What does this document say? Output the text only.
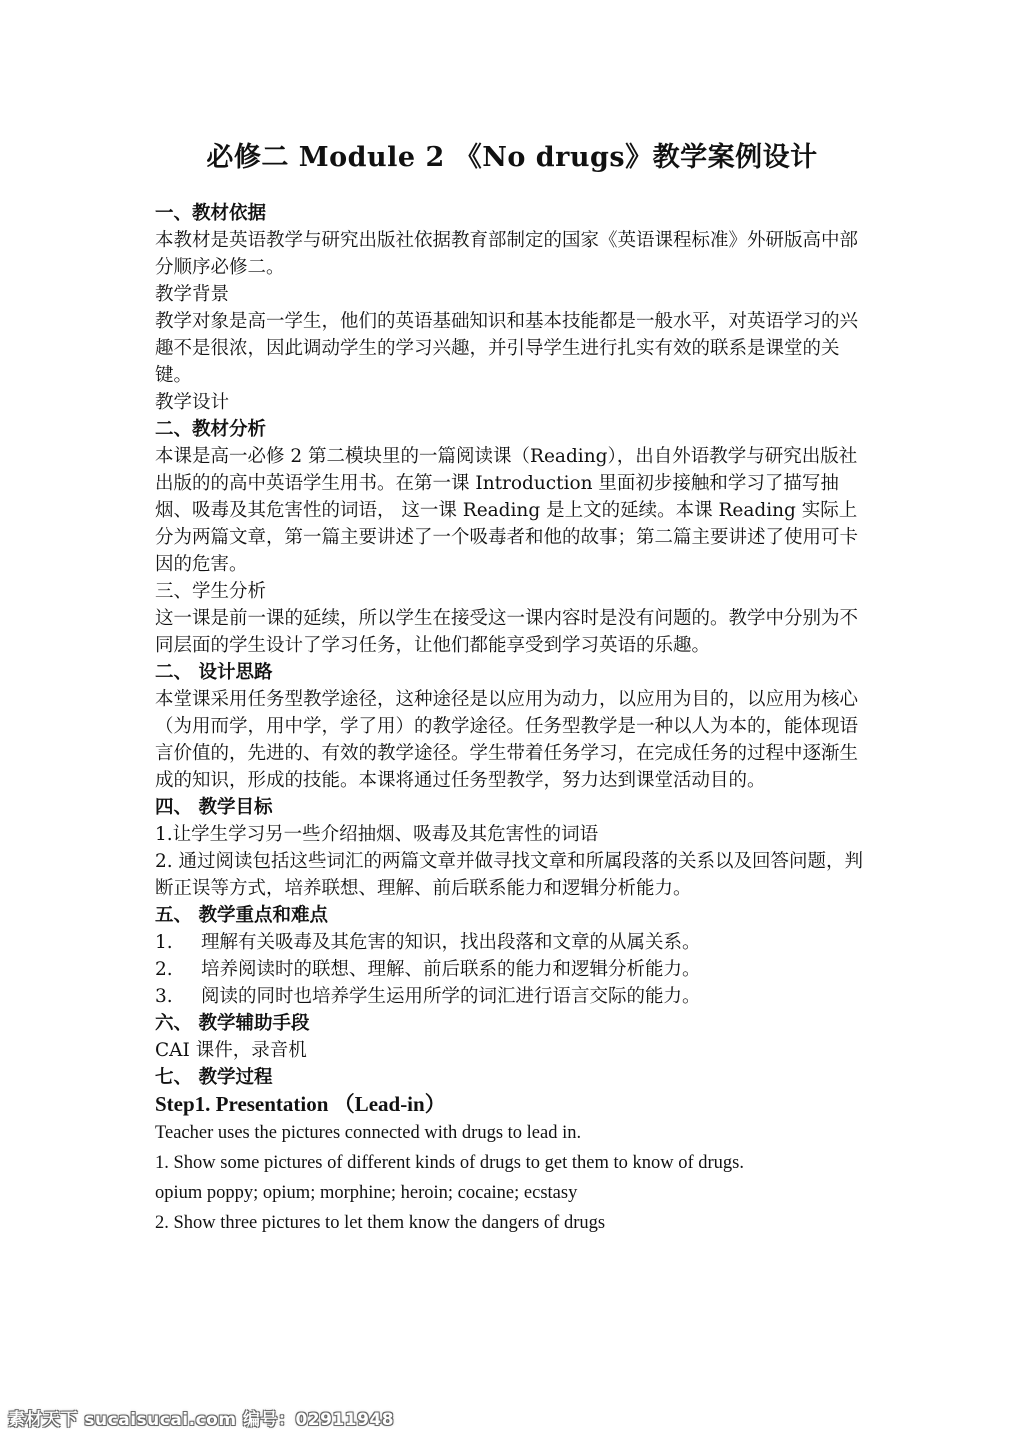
必修二 Module 2 《No drugs》教学案例设计

一、教材依据

本教材是英语教学与研究出版社依据教育部制定的国家《英语课程标准》外研版高中部分顺序必修二。

教学背景

教学对象是高一学生，他们的英语基础知识和基本技能都是一般水平，对英语学习的兴趣不是很浓，因此调动学生的学习兴趣，并引导学生进行扎实有效的联系是课堂的关键。

教学设计

二、教材分析

本课是高一必修 2 第二模块里的一篇阅读课（Reading），出自外语教学与研究出版社出版的的高中英语学生用书。在第一课 Introduction 里面初步接触和学习了描写抽烟、吸毒及其危害性的词语， 这一课 Reading 是上文的延续。本课 Reading 实际上分为两篇文章，第一篇主要讲述了一个吸毒者和他的故事；第二篇主要讲述了使用可卡因的危害。

三、学生分析

这一课是前一课的延续，所以学生在接受这一课内容时是没有问题的。教学中分别为不同层面的学生设计了学习任务，让他们都能享受到学习英语的乐趣。

二、 设计思路

本堂课采用任务型教学途径，这种途径是以应用为动力，以应用为目的，以应用为核心（为用而学，用中学，学了用）的教学途径。任务型教学是一种以人为本的，能体现语言价值的，先进的、有效的教学途径。学生带着任务学习，在完成任务的过程中逐渐生成的知识，形成的技能。本课将通过任务型教学，努力达到课堂活动目的。

四、 教学目标

1.让学生学习另一些介绍抽烟、吸毒及其危害性的词语

2. 通过阅读包括这些词汇的两篇文章并做寻找文章和所属段落的关系以及回答问题，判断正误等方式，培养联想、理解、前后联系能力和逻辑分析能力。

五、 教学重点和难点

1.	理解有关吸毒及其危害的知识，找出段落和文章的从属关系。
2.	培养阅读时的联想、理解、前后联系的能力和逻辑分析能力。
3.	阅读的同时也培养学生运用所学的词汇进行语言交际的能力。

六、 教学辅助手段

CAI 课件，录音机

七、 教学过程

Step1. Presentation （Lead-in）

Teacher uses the pictures connected with drugs to lead in.

1. Show some pictures of different kinds of drugs to get them to know of drugs.

opium poppy; opium; morphine; heroin; cocaine; ecstasy

2. Show three pictures to let them know the dangers of drugs

素材天下 sucaisucai.com 编号：02911948
